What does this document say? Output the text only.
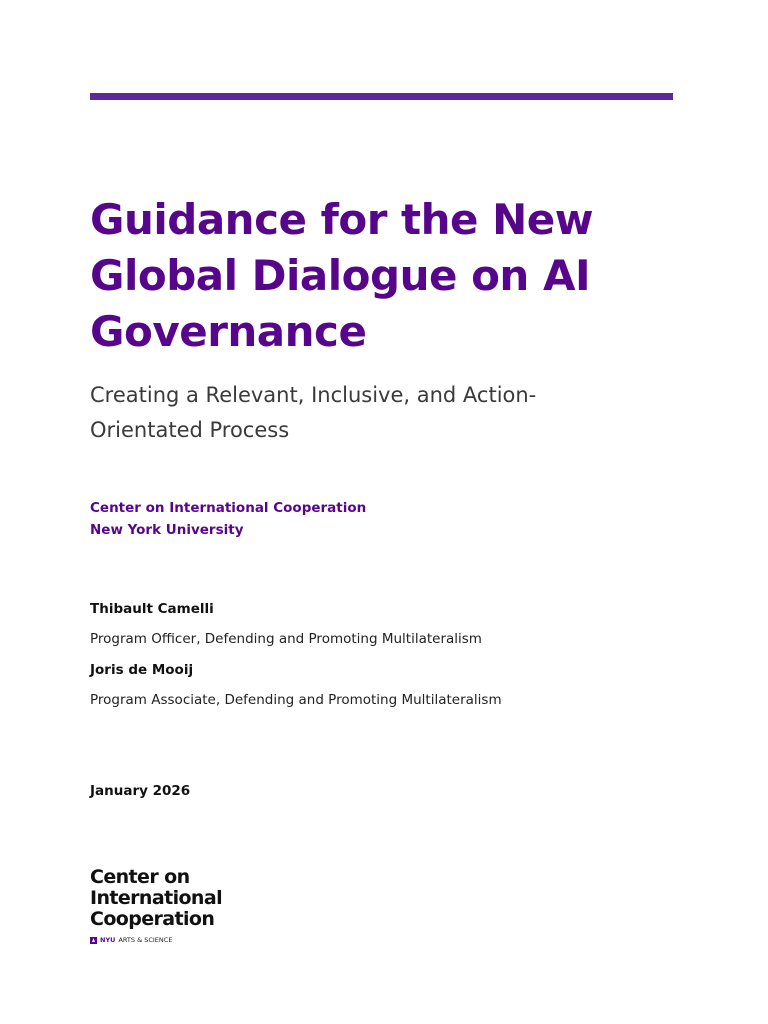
Guidance for the New
Global Dialogue on AI
Governance
Creating a Relevant, Inclusive, and Action-
Orientated Process
Center on International Cooperation
New York University
Thibault Camelli
Program Officer, Defending and Promoting Multilateralism
Joris de Mooij
Program Associate, Defending and Promoting Multilateralism
January 2026
Center on
International
Cooperation
NYU ARTS & SCIENCE
